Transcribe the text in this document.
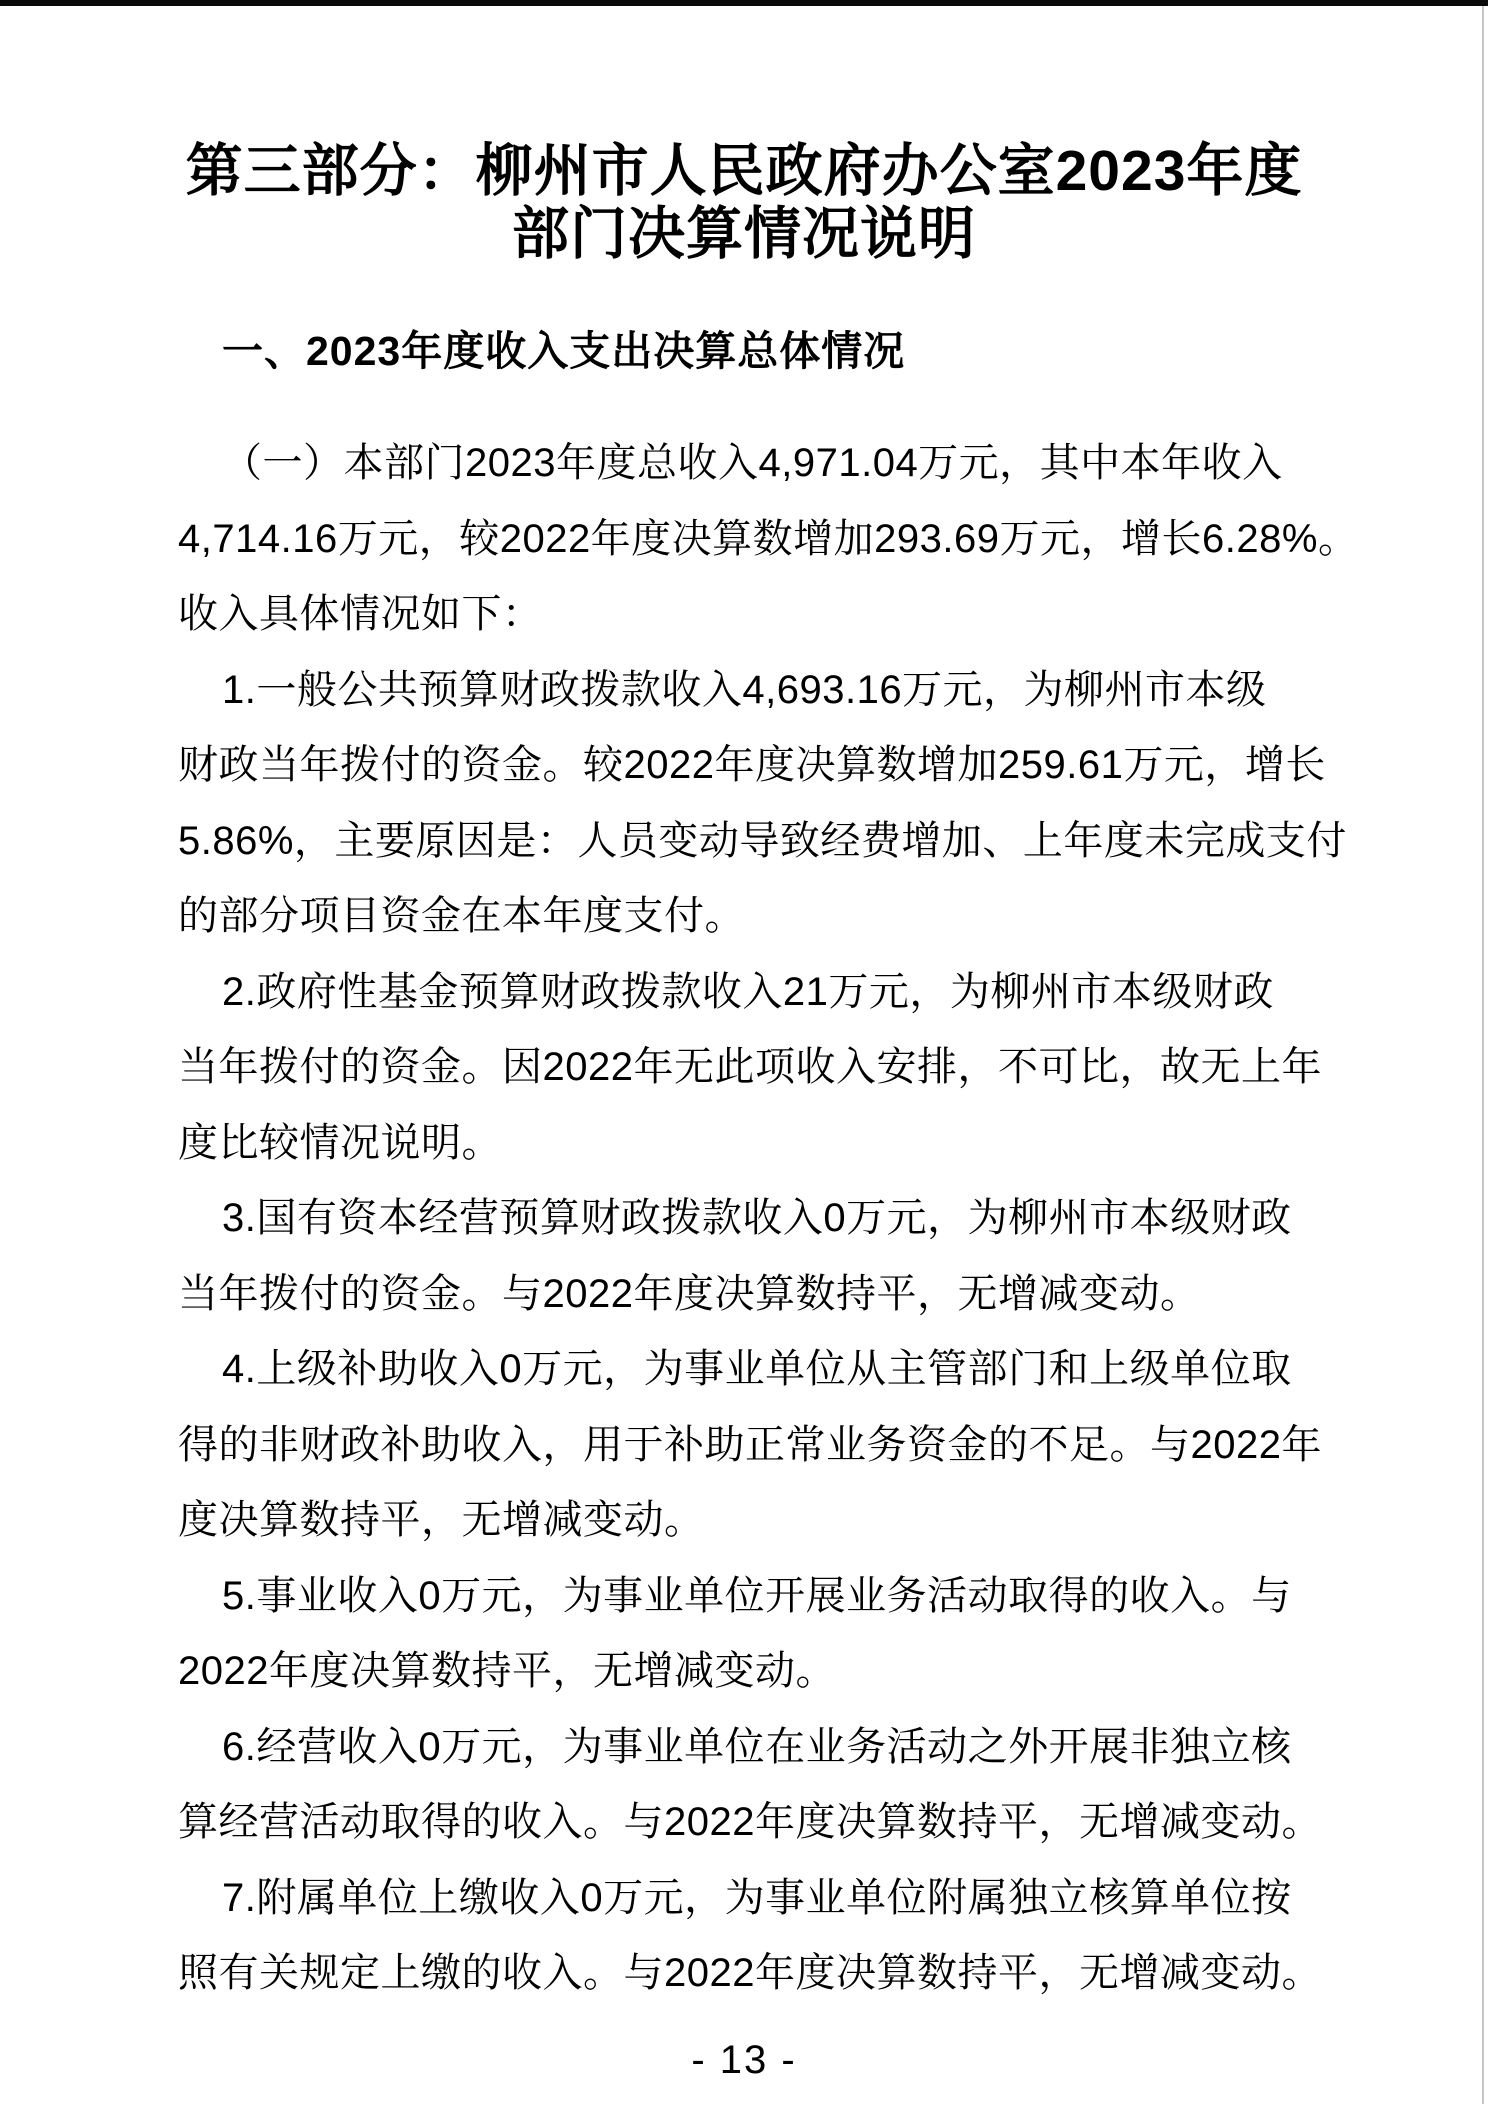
第三部分：柳州市人民政府办公室2023年度
部门决算情况说明
一、2023年度收入支出决算总体情况
（一）本部门2023年度总收入4,971.04万元，其中本年收入
4,714.16万元，较2022年度决算数增加293.69万元，增长6.28%。
收入具体情况如下：
1.一般公共预算财政拨款收入4,693.16万元，为柳州市本级
财政当年拨付的资金。较2022年度决算数增加259.61万元，增长
5.86%，主要原因是：人员变动导致经费增加、上年度未完成支付
的部分项目资金在本年度支付。
2.政府性基金预算财政拨款收入21万元，为柳州市本级财政
当年拨付的资金。因2022年无此项收入安排，不可比，故无上年
度比较情况说明。
3.国有资本经营预算财政拨款收入0万元，为柳州市本级财政
当年拨付的资金。与2022年度决算数持平，无增减变动。
4.上级补助收入0万元，为事业单位从主管部门和上级单位取
得的非财政补助收入，用于补助正常业务资金的不足。与2022年
度决算数持平，无增减变动。
5.事业收入0万元，为事业单位开展业务活动取得的收入。与
2022年度决算数持平，无增减变动。
6.经营收入0万元，为事业单位在业务活动之外开展非独立核
算经营活动取得的收入。与2022年度决算数持平，无增减变动。
7.附属单位上缴收入0万元，为事业单位附属独立核算单位按
照有关规定上缴的收入。与2022年度决算数持平，无增减变动。
- 13 -
